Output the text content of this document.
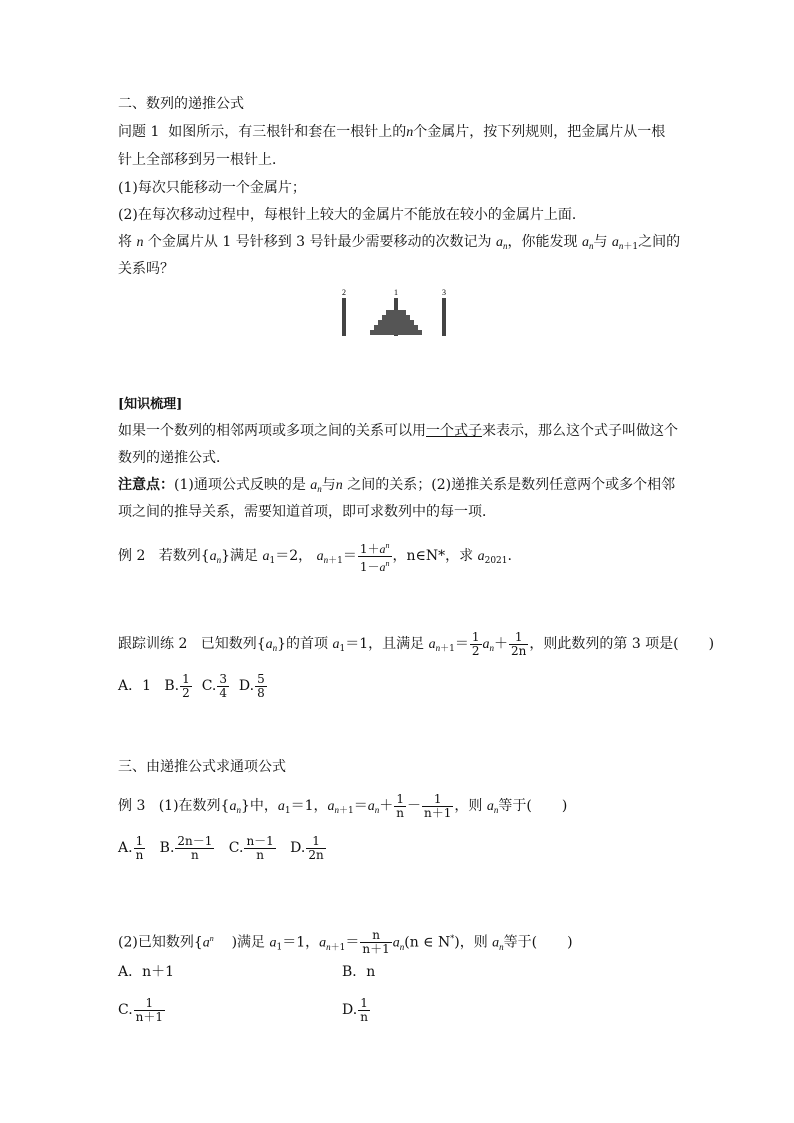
二、数列的递推公式
问题 1 如图所示，有三根针和套在一根针上的n个金属片，按下列规则，把金属片从一根
针上全部移到另一根针上．
(1)每次只能移动一个金属片；
(2)在每次移动过程中，每根针上较大的金属片不能放在较小的金属片上面．
将 n 个金属片从 1 号针移到 3 号针最少需要移动的次数记为 $a_n$，你能发现 $a_n$与 $a_{n+1}$之间的
关系吗？
2	1	3
[知识梳理]
如果一个数列的相邻两项或多项之间的关系可以用一个式子来表示，那么这个式子叫做这个
数列的递推公式．
注意点：(1)通项公式反映的是 $a_n$与n 之间的关系；(2)递推关系是数列任意两个或多个相邻
项之间的推导关系，需要知道首项，即可求数列中的每一项．
例 2 若数列$\{a_n\}$满足 $a_1=2$， $a_{n+1}= \frac{1+a^n}{1-a^n}$ ，n∈N*，求 $a_{2021}$.
跟踪训练 2 已知数列$\{a_n\}$的首项 $a_1=1$，且满足 $a_{n+1}= \frac{1}{2} a_n+ \frac{1}{2n}$ ，则此数列的第 3 项是( )
A．1 B. $\frac{1}{2} C$. $\frac{3}{4} D$. $\frac{5}{8}$
三、由递推公式求通项公式
例 3 (1)在数列$\{a_n\}$中，$a_1=1$，$a_{n+1}=a_n+ \frac{1}{n} - \frac{1}{n+1}$ ，则 $a_n$等于( )
A. $\frac{1}{n} B$. $\frac{2n-1}{n} C$. $\frac{n-1}{n} D$. $\frac{1}{2n}$
(2)已知数列{$a^n$ )满足 $a_1=1$，$a_{n+1}= \frac{n}{n+1} a_n(n$ ∈ N*)，则 $a_n$等于( )
A．n＋1	B．n
C. $\frac{1}{n+1}$	D. $\frac{1}{n}$
